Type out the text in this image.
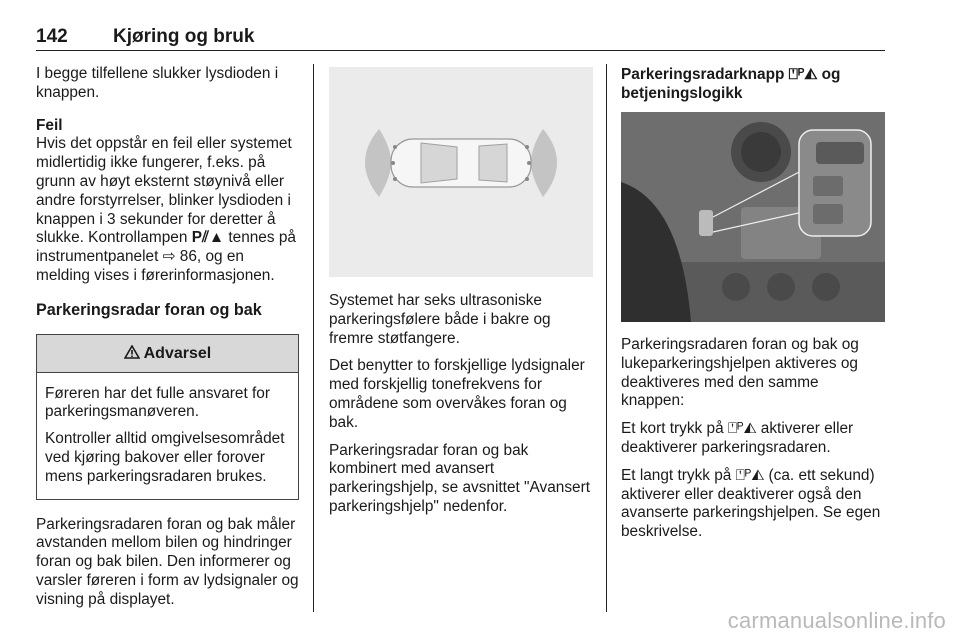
142 Kjøring og bruk

I begge tilfellene slukker lysdioden i knappen.

Feil

Hvis det oppstår en feil eller systemet midlertidig ikke fungerer, f.eks. på grunn av høyt eksternt støynivå eller andre forstyrrelser, blinker lysdioden i knappen i 3 sekunder for deretter å slukke. Kontrollampen P⫽▲ tennes på instrumentpanelet ⇨ 86, og en melding vises i førerinformasjonen.

Parkeringsradar foran og bak
Advarsel

Føreren har det fulle ansvaret for parkeringsmanøveren.

Kontroller alltid omgivelsesområdet ved kjøring bakover eller forover mens parkeringsradaren brukes.

Parkeringsradaren foran og bak måler avstanden mellom bilen og hindringer foran og bak bilen. Den informerer og varsler føreren i form av lydsignaler og visning på displayet.

Systemet har seks ultrasoniske parkeringsfølere både i bakre og fremre støtfangere.

Det benytter to forskjellige lydsignaler med forskjellig tonefrekvens for områdene som overvåkes foran og bak.

Parkeringsradar foran og bak kombinert med avansert parkeringshjelp, se avsnittet "Avansert parkeringshjelp" nedenfor.

Parkeringsradarknapp ⍞ᴾ◭ og betjeningslogikk

Parkeringsradaren foran og bak og lukeparkeringshjelpen aktiveres og deaktiveres med den samme knappen:

Et kort trykk på ⍞ᴾ◭ aktiverer eller deaktiverer parkeringsradaren.

Et langt trykk på ⍞ᴾ◭ (ca. ett sekund) aktiverer eller deaktiverer også den avanserte parkeringshjelpen. Se egen beskrivelse.

carmanualsonline.info
